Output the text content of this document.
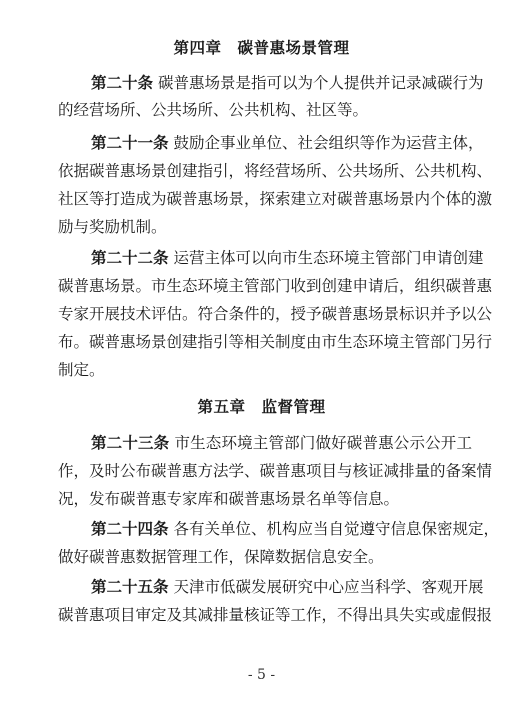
第四章　碳普惠场景管理
第二十条 碳普惠场景是指可以为个人提供并记录减碳行为
的经营场所、公共场所、公共机构、社区等。
第二十一条 鼓励企事业单位、社会组织等作为运营主体，
依据碳普惠场景创建指引，将经营场所、公共场所、公共机构、
社区等打造成为碳普惠场景，探索建立对碳普惠场景内个体的激
励与奖励机制。
第二十二条 运营主体可以向市生态环境主管部门申请创建
碳普惠场景。市生态环境主管部门收到创建申请后，组织碳普惠
专家开展技术评估。符合条件的，授予碳普惠场景标识并予以公
布。碳普惠场景创建指引等相关制度由市生态环境主管部门另行
制定。
第五章　监督管理
第二十三条 市生态环境主管部门做好碳普惠公示公开工
作，及时公布碳普惠方法学、碳普惠项目与核证减排量的备案情
况，发布碳普惠专家库和碳普惠场景名单等信息。
第二十四条 各有关单位、机构应当自觉遵守信息保密规定，
做好碳普惠数据管理工作，保障数据信息安全。
第二十五条 天津市低碳发展研究中心应当科学、客观开展
碳普惠项目审定及其减排量核证等工作，不得出具失实或虚假报
- 5 -
